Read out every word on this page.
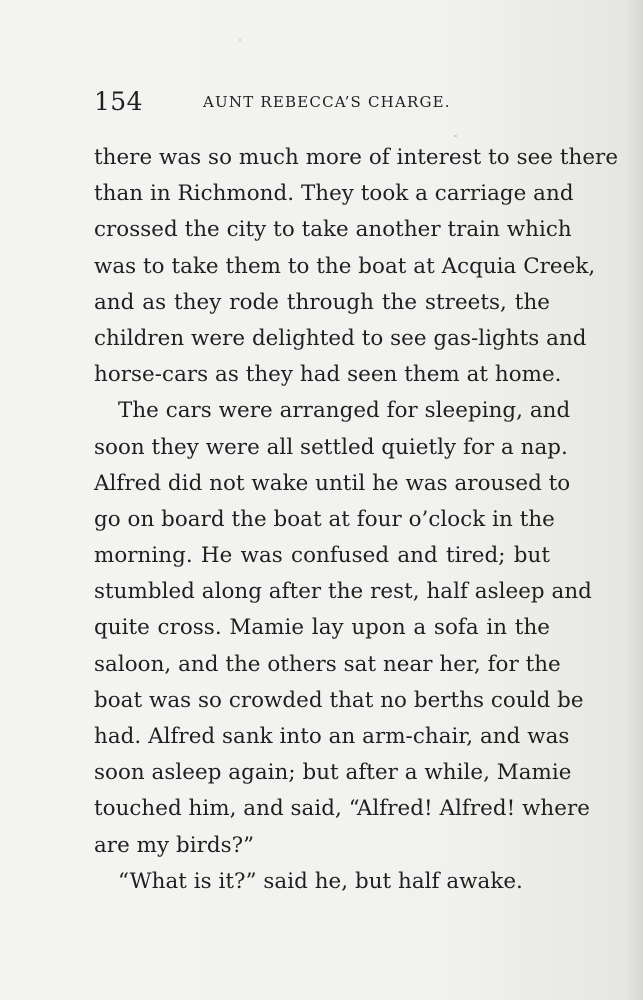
154	AUNT REBECCA’S CHARGE.
there was so much more of interest to see there
than in Richmond. They took a carriage and
crossed the city to take another train which
was to take them to the boat at Acquia Creek,
and as they rode through the streets, the
children were delighted to see gas-lights and
horse-cars as they had seen them at home.
The cars were arranged for sleeping, and
soon they were all settled quietly for a nap.
Alfred did not wake until he was aroused to
go on board the boat at four o’clock in the
morning. He was confused and tired; but
stumbled along after the rest, half asleep and
quite cross. Mamie lay upon a sofa in the
saloon, and the others sat near her, for the
boat was so crowded that no berths could be
had. Alfred sank into an arm-chair, and was
soon asleep again; but after a while, Mamie
touched him, and said, “Alfred! Alfred! where
are my birds?”
“What is it?” said he, but half awake.
